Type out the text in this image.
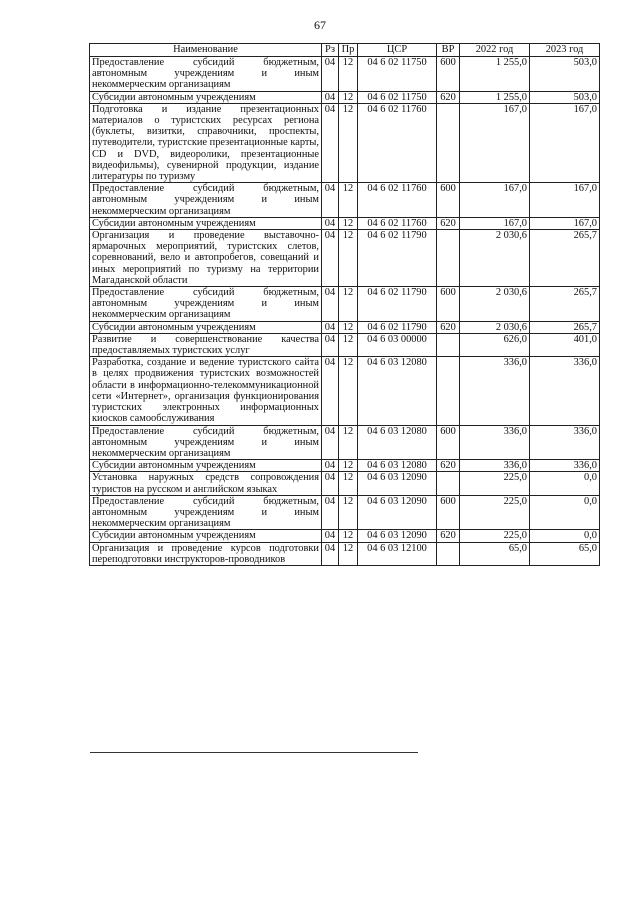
67
Наименование	Рз	Пр	ЦСР	ВР	2022 год	2023 год
Предоставление субсидий бюджетным, автономным учреждениям и иным некоммерческим организациям	04	12	04 6 02 11750	600	1 255,0	503,0
Субсидии автономным учреждениям	04	12	04 6 02 11750	620	1 255,0	503,0
Подготовка и издание презентационных материалов о туристских ресурсах региона (буклеты, визитки, справочники, проспекты, путеводители, туристские презентационные карты, CD и DVD, видеоролики, презентационные видеофильмы), сувенирной продукции, издание литературы по туризму	04	12	04 6 02 11760		167,0	167,0
Предоставление субсидий бюджетным, автономным учреждениям и иным некоммерческим организациям	04	12	04 6 02 11760	600	167,0	167,0
Субсидии автономным учреждениям	04	12	04 6 02 11760	620	167,0	167,0
Организация и проведение выставочно-ярмарочных мероприятий, туристских слетов, соревнований, вело и автопробегов, совещаний и иных мероприятий по туризму на территории Магаданской области	04	12	04 6 02 11790		2 030,6	265,7
Предоставление субсидий бюджетным, автономным учреждениям и иным некоммерческим организациям	04	12	04 6 02 11790	600	2 030,6	265,7
Субсидии автономным учреждениям	04	12	04 6 02 11790	620	2 030,6	265,7
Развитие и совершенствование качества предоставляемых туристских услуг	04	12	04 6 03 00000		626,0	401,0
Разработка, создание и ведение туристского сайта в целях продвижения туристских возможностей области в информационно-телекоммуникационной сети «Интернет», организация функционирования туристских электронных информационных киосков самообслуживания	04	12	04 6 03 12080		336,0	336,0
Предоставление субсидий бюджетным, автономным учреждениям и иным некоммерческим организациям	04	12	04 6 03 12080	600	336,0	336,0
Субсидии автономным учреждениям	04	12	04 6 03 12080	620	336,0	336,0
Установка наружных средств сопровождения туристов на русском и английском языках	04	12	04 6 03 12090		225,0	0,0
Предоставление субсидий бюджетным, автономным учреждениям и иным некоммерческим организациям	04	12	04 6 03 12090	600	225,0	0,0
Субсидии автономным учреждениям	04	12	04 6 03 12090	620	225,0	0,0
Организация и проведение курсов подготовки переподготовки инструкторов-проводников	04	12	04 6 03 12100		65,0	65,0
